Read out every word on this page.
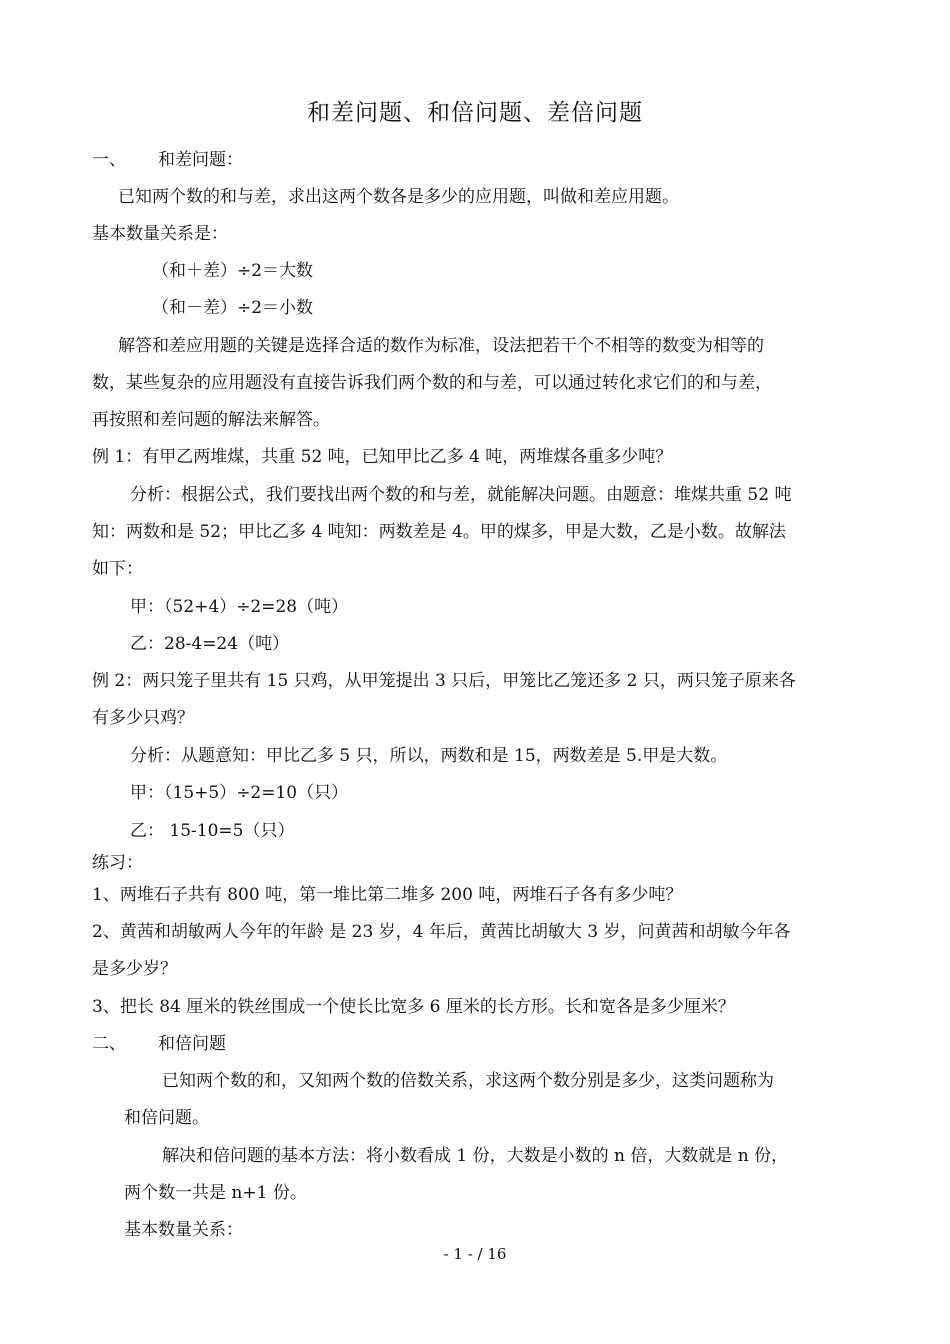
和差问题、和倍问题、差倍问题
一、 和差问题：
已知两个数的和与差，求出这两个数各是多少的应用题，叫做和差应用题。
基本数量关系是：
（和＋差）÷2＝大数
（和－差）÷2＝小数
解答和差应用题的关键是选择合适的数作为标准，设法把若干个不相等的数变为相等的
数，某些复杂的应用题没有直接告诉我们两个数的和与差，可以通过转化求它们的和与差，
再按照和差问题的解法来解答。
例 1：有甲乙两堆煤，共重 52 吨，已知甲比乙多 4 吨，两堆煤各重多少吨？
分析：根据公式，我们要找出两个数的和与差，就能解决问题。由题意：堆煤共重 52 吨
知：两数和是 52；甲比乙多 4 吨知：两数差是 4。甲的煤多，甲是大数，乙是小数。故解法
如下：
甲：（52+4）÷2=28（吨）
乙：28-4=24（吨）
例 2：两只笼子里共有 15 只鸡，从甲笼提出 3 只后，甲笼比乙笼还多 2 只，两只笼子原来各
有多少只鸡？
分析：从题意知：甲比乙多 5 只，所以，两数和是 15，两数差是 5.甲是大数。
甲：（15+5）÷2=10（只）
乙： 15-10=5（只）
练习：
1、两堆石子共有 800 吨，第一堆比第二堆多 200 吨，两堆石子各有多少吨？
2、黄茜和胡敏两人今年的年龄 是 23 岁，4 年后，黄茜比胡敏大 3 岁，问黄茜和胡敏今年各
是多少岁？
3、把长 84 厘米的铁丝围成一个使长比宽多 6 厘米的长方形。长和宽各是多少厘米？
二、 和倍问题
已知两个数的和，又知两个数的倍数关系，求这两个数分别是多少，这类问题称为
和倍问题。
解决和倍问题的基本方法：将小数看成 1 份，大数是小数的 n 倍，大数就是 n 份，
两个数一共是 n+1 份。
基本数量关系：
- 1 - / 16
